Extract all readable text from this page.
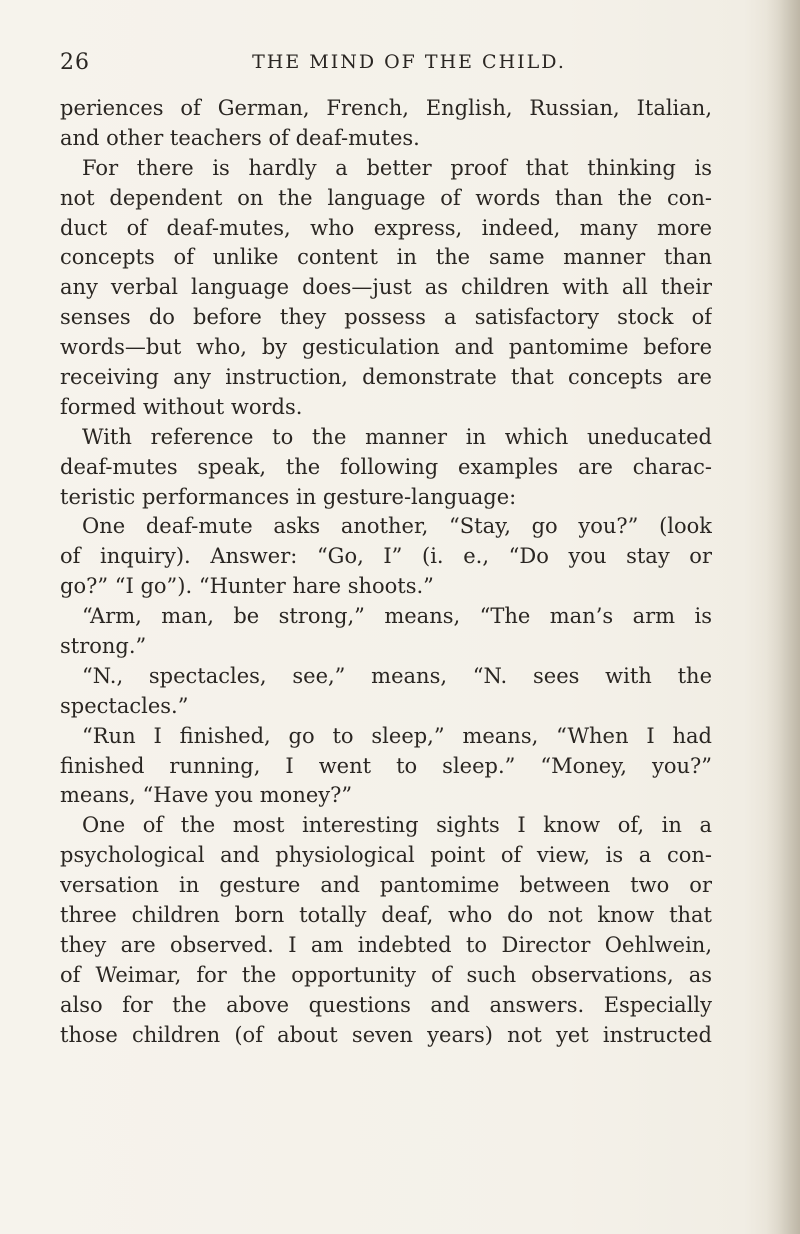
26	THE MIND OF THE CHILD.
periences of German, French, English, Russian, Italian,
and other teachers of deaf-mutes.
For there is hardly a better proof that thinking is
not dependent on the language of words than the con-
duct of deaf-mutes, who express, indeed, many more
concepts of unlike content in the same manner than
any verbal language does—just as children with all their
senses do before they possess a satisfactory stock of
words—but who, by gesticulation and pantomime before
receiving any instruction, demonstrate that concepts are
formed without words.
With reference to the manner in which uneducated
deaf-mutes speak, the following examples are charac-
teristic performances in gesture-language:
One deaf-mute asks another, “Stay, go you?” (look
of inquiry). Answer: “Go, I” (i. e., “Do you stay or
go?” “I go”). “Hunter hare shoots.”
“Arm, man, be strong,” means, “The man’s arm is
strong.”
“N., spectacles, see,” means, “N. sees with the
spectacles.”
“Run I finished, go to sleep,” means, “When I had
finished running, I went to sleep.” “Money, you?”
means, “Have you money?”
One of the most interesting sights I know of, in a
psychological and physiological point of view, is a con-
versation in gesture and pantomime between two or
three children born totally deaf, who do not know that
they are observed. I am indebted to Director Oehlwein,
of Weimar, for the opportunity of such observations, as
also for the above questions and answers. Especially
those children (of about seven years) not yet instructed
